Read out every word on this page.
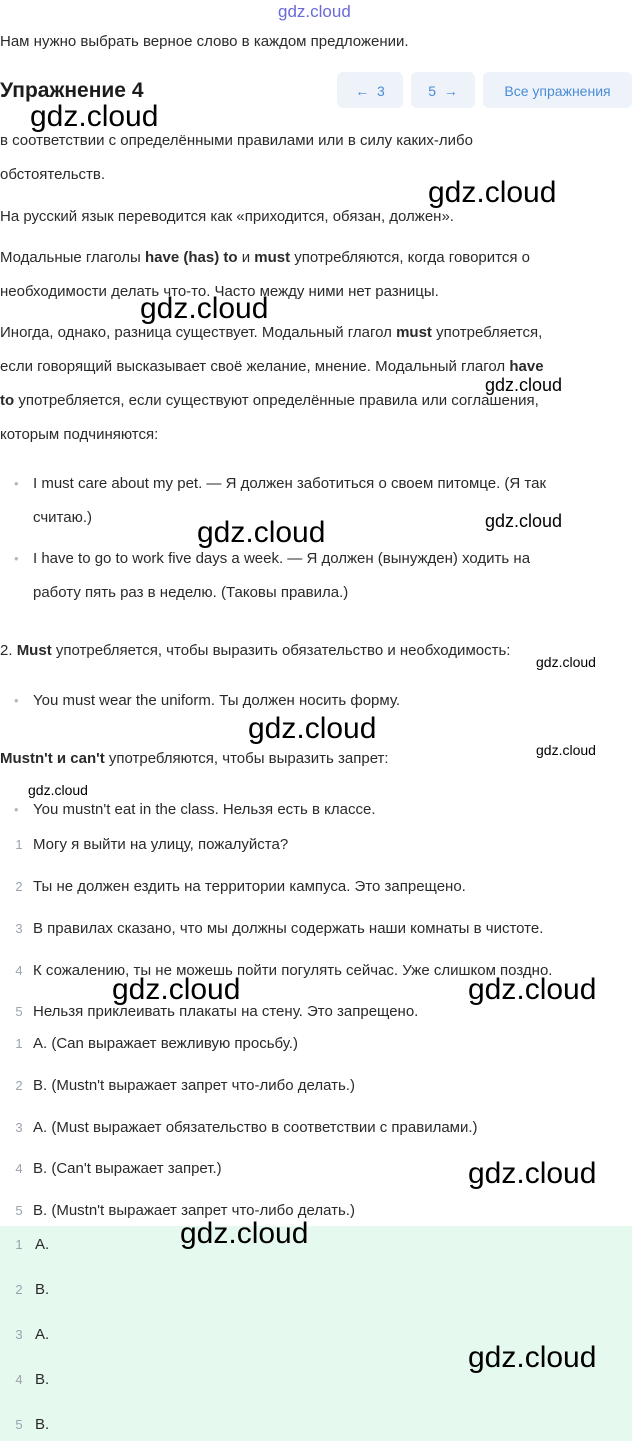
gdz.cloud
Нам нужно выбрать верное слово в каждом предложении.
Упражнение 4	← 3	5 →	Все упражнения
в соответствии с определёнными правилами или в силу каких-либо
обстоятельств.
На русский язык переводится как «приходится, обязан, должен».
Модальные глаголы have (has) to и must употребляются, когда говорится о
необходимости делать что-то. Часто между ними нет разницы.
Иногда, однако, разница существует. Модальный глагол must употребляется,
если говорящий высказывает своё желание, мнение. Модальный глагол have
to употребляется, если существуют определённые правила или соглашения,
которым подчиняются:
• I must care about my pet. — Я должен заботиться о своем питомце. (Я так
считаю.)
• I have to go to work five days a week. — Я должен (вынужден) ходить на
работу пять раз в неделю. (Таковы правила.)
2. Must употребляется, чтобы выразить обязательство и необходимость:
• You must wear the uniform. Ты должен носить форму.
Mustn't и can't употребляются, чтобы выразить запрет:
• You mustn't eat in the class. Нельзя есть в классе.
1 Могу я выйти на улицу, пожалуйста?
2 Ты не должен ездить на территории кампуса. Это запрещено.
3 В правилах сказано, что мы должны содержать наши комнаты в чистоте.
4 К сожалению, ты не можешь пойти погулять сейчас. Уже слишком поздно.
5 Нельзя приклеивать плакаты на стену. Это запрещено.
1 A. (Can выражает вежливую просьбу.)
2 B. (Mustn't выражает запрет что-либо делать.)
3 A. (Must выражает обязательство в соответствии с правилами.)
4 B. (Can't выражает запрет.)
5 B. (Mustn't выражает запрет что-либо делать.)
1 A.
2 B.
3 A.
4 B.
5 B.
gdz.cloud
gdz.cloud
gdz.cloud
gdz.cloud
gdz.cloud
gdz.cloud
gdz.cloud
gdz.cloud
gdz.cloud
gdz.cloud
gdz.cloud	gdz.cloud
gdz.cloud
gdz.cloud
gdz.cloud
